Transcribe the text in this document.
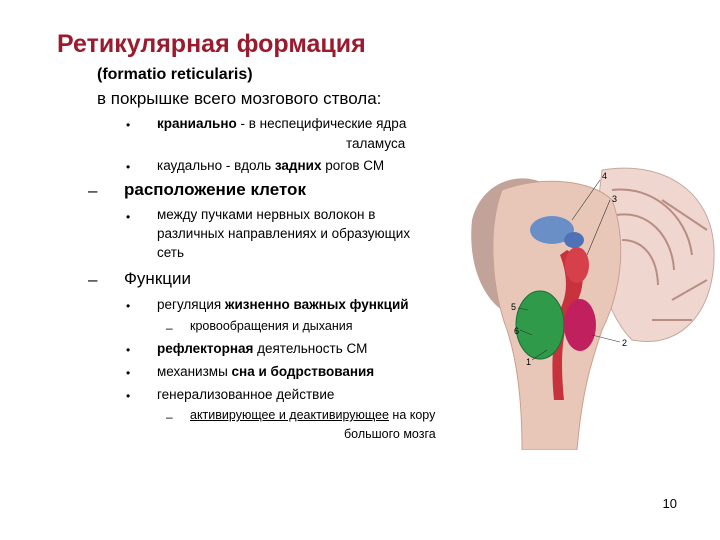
Ретикулярная формация
(formatio reticularis)
в покрышке всего мозгового ствола:
• краниально - в неспецифические ядра
таламуса
• каудально - вдоль задних рогов СМ
– расположение клеток
• между пучками нервных волокон в
различных направлениях и образующих
сеть
– Функции
• регуляция жизненно важных функций
– кровообращения и дыхания
• рефлекторная деятельность СМ
• механизмы сна и бодрствования
• генерализованное действие
– активирующее и деактивирующее на кору
большого мозга
4
3
5
6
2
1
10
